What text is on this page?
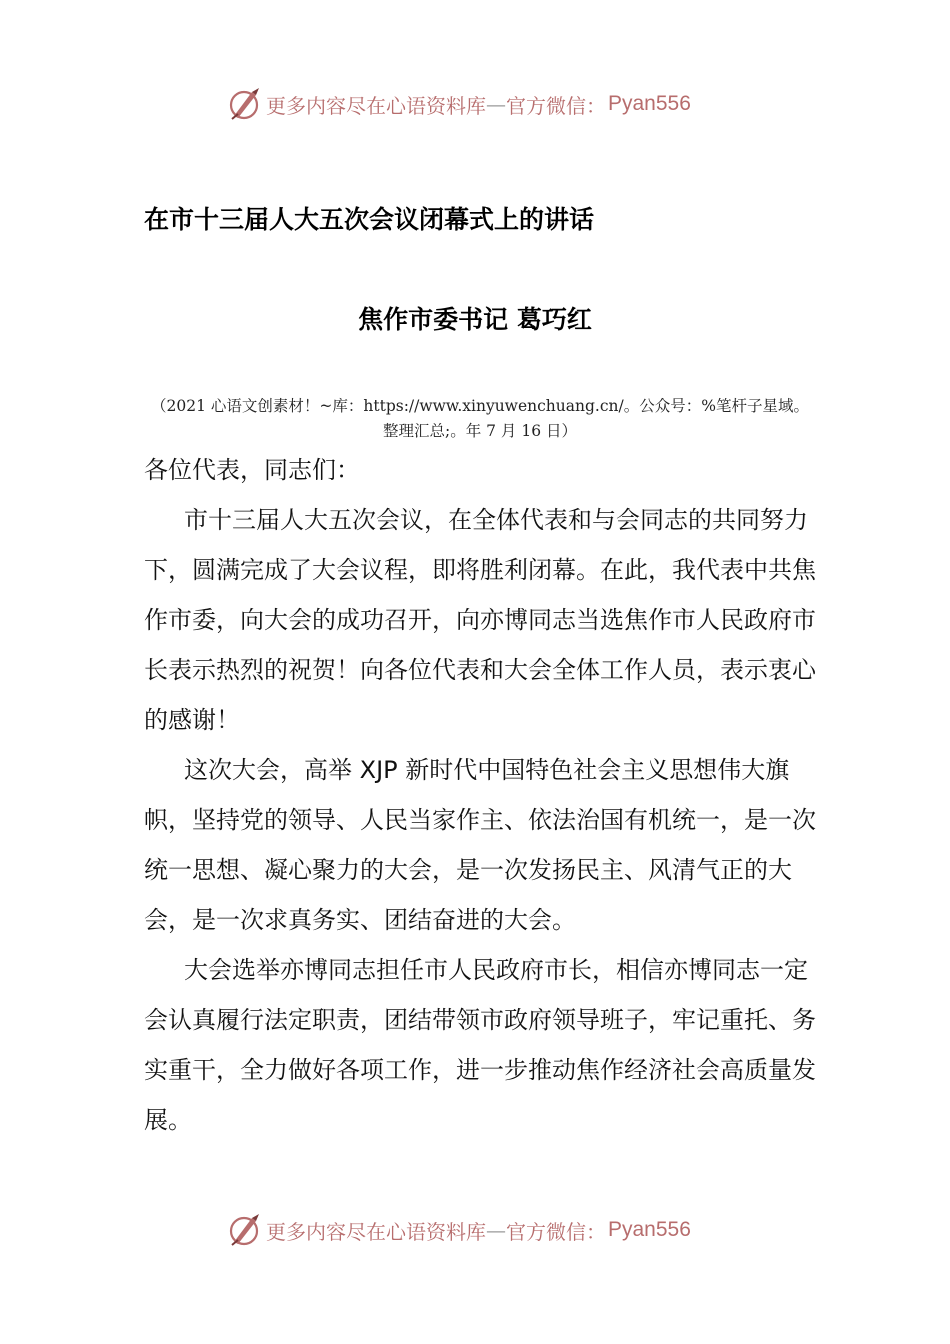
更多内容尽在心语资料库 — 官方微信： Pyan556
在市十三届人大五次会议闭幕式上的讲话
焦作市委书记 葛巧红
（2021 心语文创素材！~库：https://www.xinyuwenchuang.cn/。公众号：%笔杆子星域。整理汇总;。年 7 月 16 日）

各位代表，同志们：

市十三届人大五次会议，在全体代表和与会同志的共同努力下，圆满完成了大会议程，即将胜利闭幕。在此，我代表中共焦作市委，向大会的成功召开，向亦博同志当选焦作市人民政府市长表示热烈的祝贺！向各位代表和大会全体工作人员，表示衷心的感谢！

这次大会，高举 XJP 新时代中国特色社会主义思想伟大旗帜，坚持党的领导、人民当家作主、依法治国有机统一，是一次统一思想、凝心聚力的大会，是一次发扬民主、风清气正的大会，是一次求真务实、团结奋进的大会。

大会选举亦博同志担任市人民政府市长，相信亦博同志一定会认真履行法定职责，团结带领市政府领导班子，牢记重托、务实重干，全力做好各项工作，进一步推动焦作经济社会高质量发展。

更多内容尽在心语资料库 — 官方微信： Pyan556
